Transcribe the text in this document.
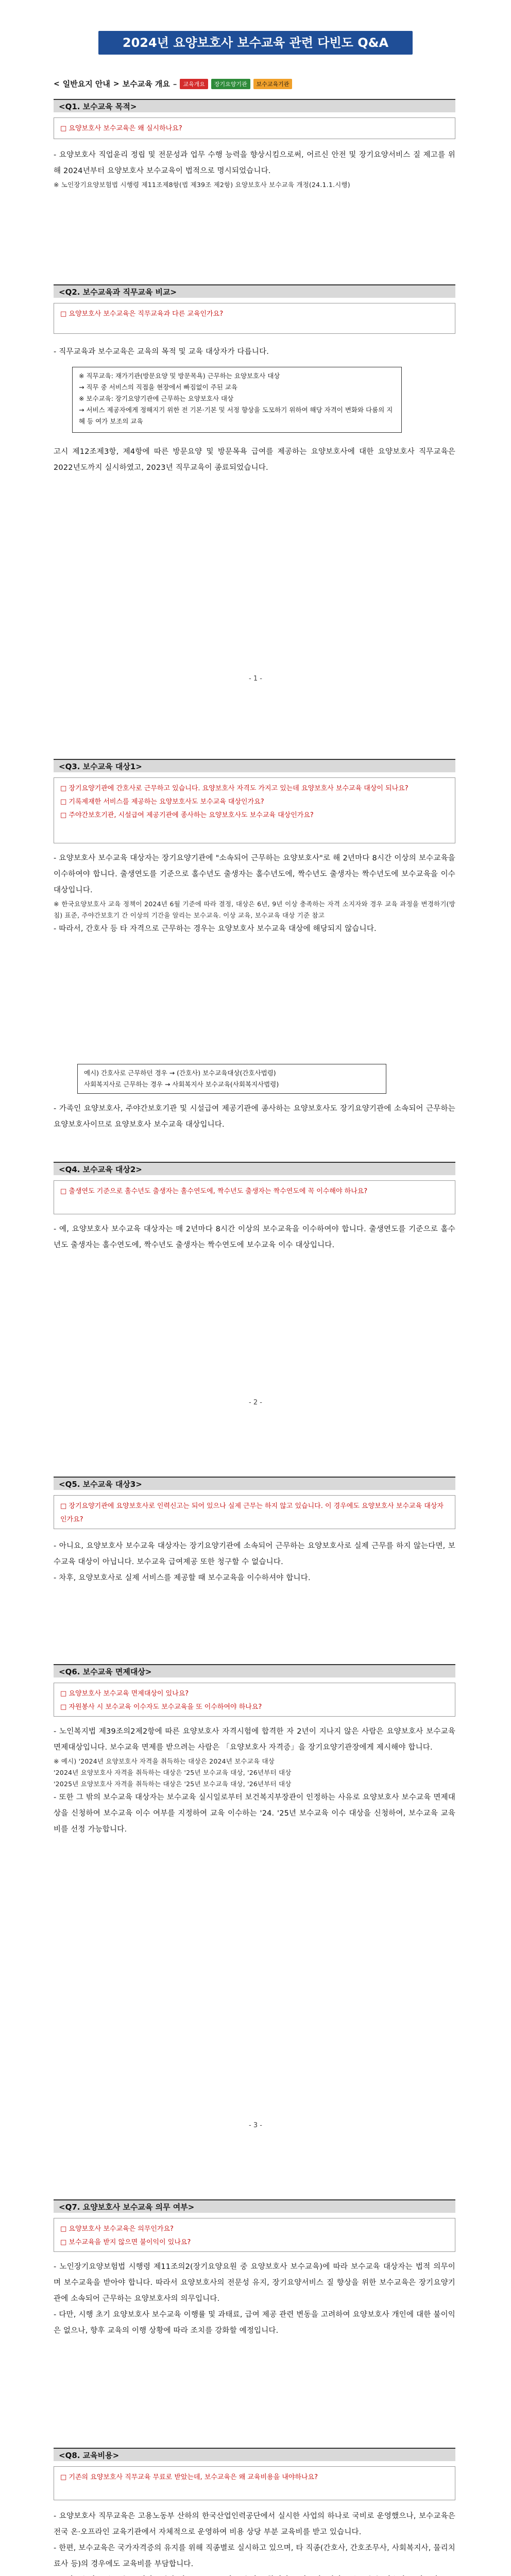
2024년 요양보호사 보수교육 관련 다빈도 Q&A
< 일반요지 안내 > 보수교육 개요 –	교육개요	장기요양기관	보수교육기관
<Q1. 보수교육 목적>
□ 요양보호사 보수교육은 왜 실시하나요?

- 요양보호사 직업윤리 정립 및 전문성과 업무 수행 능력을 향상시킴으로써, 어르신 안전 및 장기요양서비스 질 제고를 위해 2024년부터 요양보호사 보수교육이 법적으로 명시되었습니다.

※ 노인장기요양보험법 시행령 제11조제8항(법 제39조 제2항) 요양보호사 보수교육 개정(24.1.1.시행)

<Q2. 보수교육과 직무교육 비교>
□ 요양보호사 보수교육은 직무교육과 다른 교육인가요?

- 직무교육과 보수교육은 교육의 목적 및 교육 대상자가 다릅니다.

※ 직무교육: 재가기관(방문요양 및 방문목욕) 근무하는 요양보호사 대상
→ 직무 중 서비스의 직접을 현장에서 빠짐없이 주된 교육
※ 보수교육: 장기요양기관에 근무하는 요양보호사 대상
→ 서비스 제공자에게 정해지기 위한 전 기본·기본 및 서정 향상을 도모하기 위하여 해당 자격이 변화와 다룸의 지혜 등 여가 보조의 교육

고시 제12조제3항, 제4항에 따른 방문요양 및 방문목욕 급여를 제공하는 요양보호사에 대한 요양보호사 직무교육은 2022년도까지 실시하였고, 2023년 직무교육이 종료되었습니다.

- 1 -
<Q3. 보수교육 대상1>
□ 장기요양기관에 간호사로 근무하고 있습니다. 요양보호사 자격도 가지고 있는데 요양보호사 보수교육 대상이 되나요?
□ 기록제재한 서비스를 제공하는 요양보호사도 보수교육 대상인가요?
□ 주야간보호기관, 시설급여 제공기관에 종사하는 요양보호사도 보수교육 대상인가요?

- 요양보호사 보수교육 대상자는 장기요양기관에 "소속되어 근무하는 요양보호사"로 해 2년마다 8시간 이상의 보수교육을 이수하여야 합니다. 출생연도를 기준으로 홀수년도 출생자는 홀수년도에, 짝수년도 출생자는 짝수년도에 보수교육을 이수 대상입니다.

※ 한국요양보호사 교육 정책이 2024년 6월 기준에 따라 결정, 대상은 6년, 9년 이상 충족하는 자격 소지자와 경우 교육 과정을 변경하기(방침) 표준, 주야간보호기 간 이상의 기간을 알리는 보수교육. 이상 교육, 보수교육 대상 기준 참고

- 따라서, 간호사 등 타 자격으로 근무하는 경우는 요양보호사 보수교육 대상에 해당되지 않습니다.

예시) 간호사로 근무하던 경우 → (간호사) 보수교육대상(간호사법령)
사회복지사로 근무하는 경우 → 사회복지사 보수교육(사회복지사법령)

- 가족인 요양보호사, 주야간보호기관 및 시설급여 제공기관에 종사하는 요양보호사도 장기요양기관에 소속되어 근무하는 요양보호사이므로 요양보호사 보수교육 대상입니다.

<Q4. 보수교육 대상2>
□ 출생연도 기준으로 홀수년도 출생자는 홀수연도에, 짝수년도 출생자는 짝수연도에 꼭 이수해야 하나요?

- 예, 요양보호사 보수교육 대상자는 매 2년마다 8시간 이상의 보수교육을 이수하여야 합니다. 출생연도를 기준으로 홀수년도 출생자는 홀수연도에, 짝수년도 출생자는 짝수연도에 보수교육 이수 대상입니다.

- 2 -
<Q5. 보수교육 대상3>
□ 장기요양기관에 요양보호사로 인력신고는 되어 있으나 실제 근무는 하지 않고 있습니다. 이 경우에도 요양보호사 보수교육 대상자인가요?

- 아니요, 요양보호사 보수교육 대상자는 장기요양기관에 소속되어 근무하는 요양보호사로 실제 근무를 하지 않는다면, 보수교육 대상이 아닙니다. 보수교육 급여제공 또한 청구할 수 없습니다.

- 차후, 요양보호사로 실제 서비스를 제공할 때 보수교육을 이수하셔야 합니다.

<Q6. 보수교육 면제대상>
□ 요양보호사 보수교육 면제대상이 있나요?
□ 자원봉사 시 보수교육 이수자도 보수교육을 또 이수하여야 하나요?

- 노인복지법 제39조의2제2항에 따른 요양보호사 자격시험에 합격한 자 2년이 지나지 않은 사람은 요양보호사 보수교육 면제대상입니다. 보수교육 면제를 받으려는 사람은 「요양보호사 자격증」을 장기요양기관장에게 제시해야 합니다.

※ 예시) '2024년 요양보호사 자격을 취득하는 대상은 2024년 보수교육 대상

'2024년 요양보호사 자격을 취득하는 대상은 '25년 보수교육 대상, '26년부터 대상

'2025년 요양보호사 자격을 취득하는 대상은 '25년 보수교육 대상, '26년부터 대상

- 또한 그 밖의 보수교육 대상자는 보수교육 실시일로부터 보건복지부장관이 인정하는 사유로 요양보호사 보수교육 면제대상을 신청하여 보수교육 이수 여부를 지정하여 교육 이수하는 '24. '25년 보수교육 이수 대상을 신청하여, 보수교육 교육비를 선정 가능합니다.

- 3 -
<Q7. 요양보호사 보수교육 의무 여부>
□ 요양보호사 보수교육은 의무인가요?
□ 보수교육을 받지 않으면 불이익이 있나요?

- 노인장기요양보험법 시행령 제11조의2(장기요양요원 중 요양보호사 보수교육)에 따라 보수교육 대상자는 법적 의무이며 보수교육을 받아야 합니다. 따라서 요양보호사의 전문성 유지, 장기요양서비스 질 향상을 위한 보수교육은 장기요양기관에 소속되어 근무하는 요양보호사의 의무입니다.

- 다만, 시행 초기 요양보호사 보수교육 이행률 및 과태료, 급여 제공 관련 변동을 고려하여 요양보호사 개인에 대한 불이익은 없으나, 향후 교육의 이행 상황에 따라 조치를 강화할 예정입니다.

<Q8. 교육비용>
□ 기존의 요양보호사 직무교육 무료로 받았는데, 보수교육은 왜 교육비용을 내야하나요?

- 요양보호사 직무교육은 고용노동부 산하의 한국산업인력공단에서 실시한 사업의 하나로 국비로 운영했으나, 보수교육은 전국 온·오프라인 교육기관에서 자체적으로 운영하여 비용 상당 부분 교육비를 받고 있습니다.

- 한편, 보수교육은 국가자격증의 유지를 위해 직종별로 실시하고 있으며, 타 직종(간호사, 간호조무사, 사회복지사, 물리치료사 등)의 경우에도 교육비를 부담합니다.
